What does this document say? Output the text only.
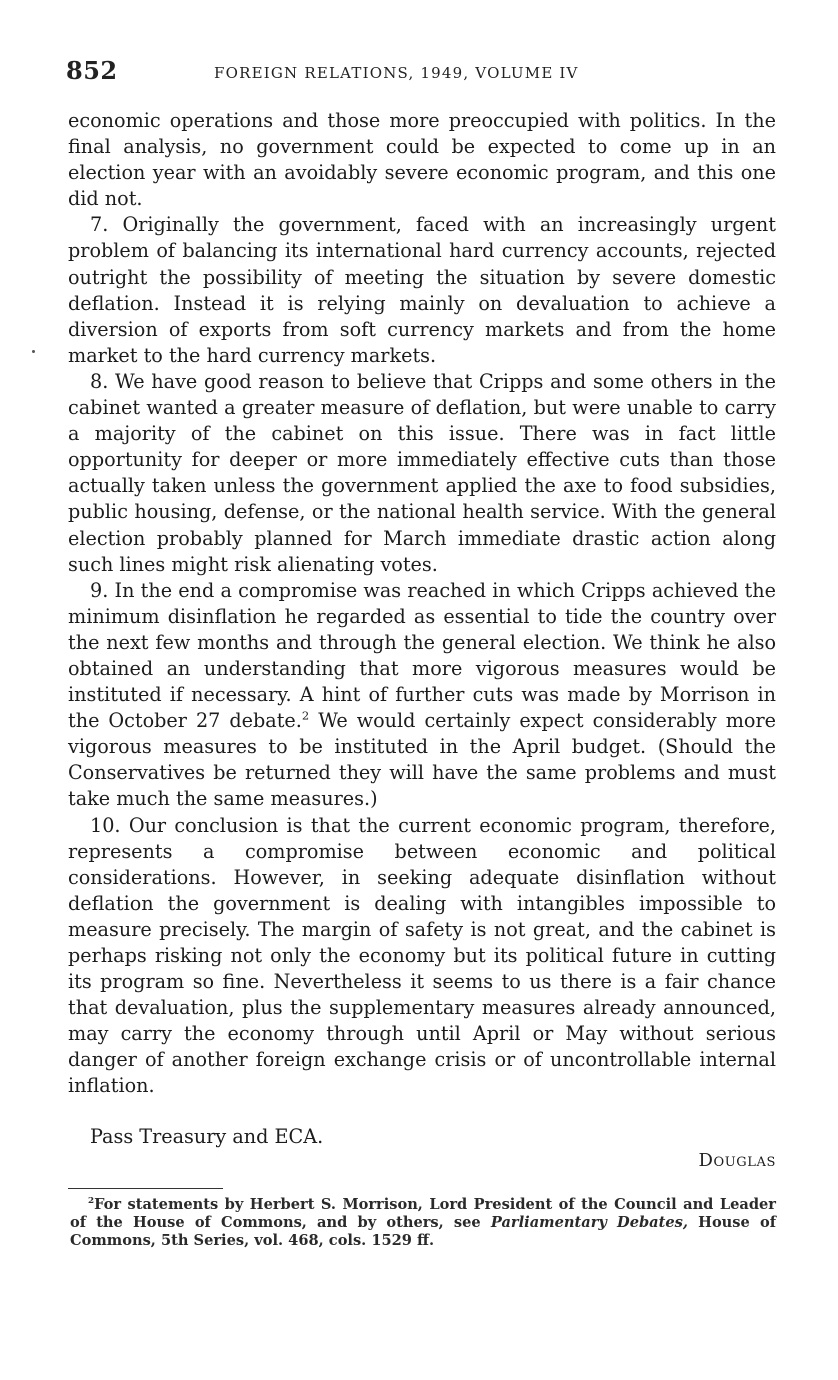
852	FOREIGN RELATIONS, 1949, VOLUME IV

economic operations and those more preoccupied with politics. In the final analysis, no government could be expected to come up in an election year with an avoidably severe economic program, and this one did not.

7. Originally the government, faced with an increasingly urgent problem of balancing its international hard currency accounts, rejected outright the possibility of meeting the situation by severe domestic deflation. Instead it is relying mainly on devaluation to achieve a diversion of exports from soft currency markets and from the home market to the hard currency markets.

8. We have good reason to believe that Cripps and some others in the cabinet wanted a greater measure of deflation, but were unable to carry a majority of the cabinet on this issue. There was in fact little opportunity for deeper or more immediately effective cuts than those actually taken unless the government applied the axe to food subsidies, public housing, defense, or the national health service. With the general election probably planned for March immediate drastic action along such lines might risk alienating votes.

9. In the end a compromise was reached in which Cripps achieved the minimum disinflation he regarded as essential to tide the country over the next few months and through the general election. We think he also obtained an understanding that more vigorous measures would be instituted if necessary. A hint of further cuts was made by Morrison in the October 27 debate.$^2$ We would certainly expect considerably more vigorous measures to be instituted in the April budget. (Should the Conservatives be returned they will have the same problems and must take much the same measures.)

10. Our conclusion is that the current economic program, therefore, represents a compromise between economic and political considerations. However, in seeking adequate disinflation without deflation the government is dealing with intangibles impossible to measure precisely. The margin of safety is not great, and the cabinet is perhaps risking not only the economy but its political future in cutting its program so fine. Nevertheless it seems to us there is a fair chance that devaluation, plus the supplementary measures already announced, may carry the economy through until April or May without serious danger of another foreign exchange crisis or of uncontrollable internal inflation.

Pass Treasury and ECA.
Douglas

$^2$For statements by Herbert S. Morrison, Lord President of the Council and Leader of the House of Commons, and by others, see Parliamentary Debates, House of Commons, 5th Series, vol. 468, cols. 1529 ff.
